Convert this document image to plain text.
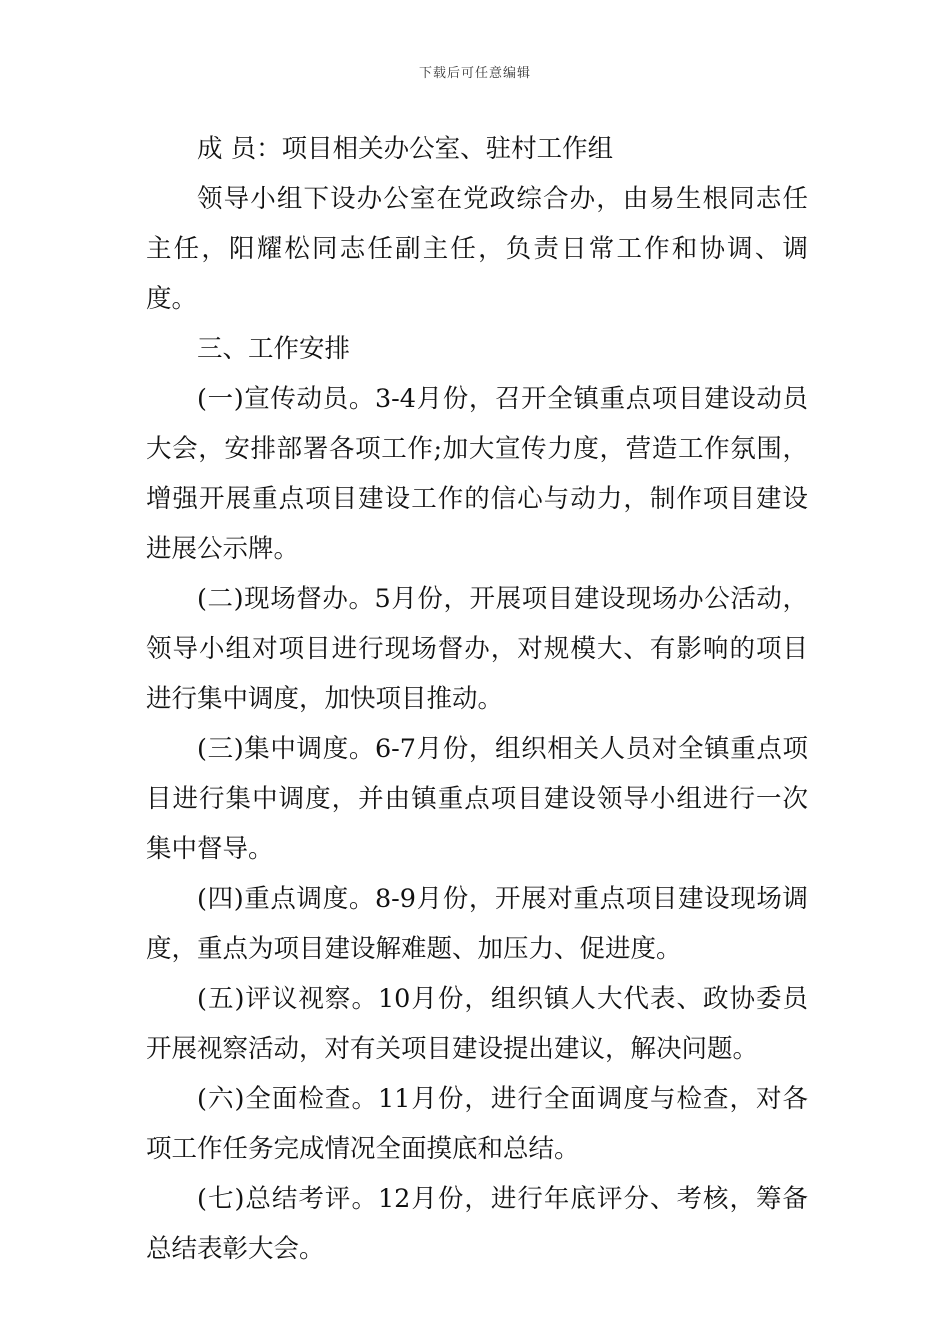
下载后可任意编辑

成 员：项目相关办公室、驻村工作组

领导小组下设办公室在党政综合办，由易生根同志任主任，阳耀松同志任副主任，负责日常工作和协调、调度。

三、工作安排

(一)宣传动员。3-4月份，召开全镇重点项目建设动员大会，安排部署各项工作;加大宣传力度，营造工作氛围，增强开展重点项目建设工作的信心与动力，制作项目建设进展公示牌。

(二)现场督办。5月份，开展项目建设现场办公活动，领导小组对项目进行现场督办，对规模大、有影响的项目进行集中调度，加快项目推动。

(三)集中调度。6-7月份，组织相关人员对全镇重点项目进行集中调度，并由镇重点项目建设领导小组进行一次集中督导。

(四)重点调度。8-9月份，开展对重点项目建设现场调度，重点为项目建设解难题、加压力、促进度。

(五)评议视察。10月份，组织镇人大代表、政协委员开展视察活动，对有关项目建设提出建议，解决问题。

(六)全面检查。11月份，进行全面调度与检查，对各项工作任务完成情况全面摸底和总结。

(七)总结考评。12月份，进行年底评分、考核，筹备总结表彰大会。
